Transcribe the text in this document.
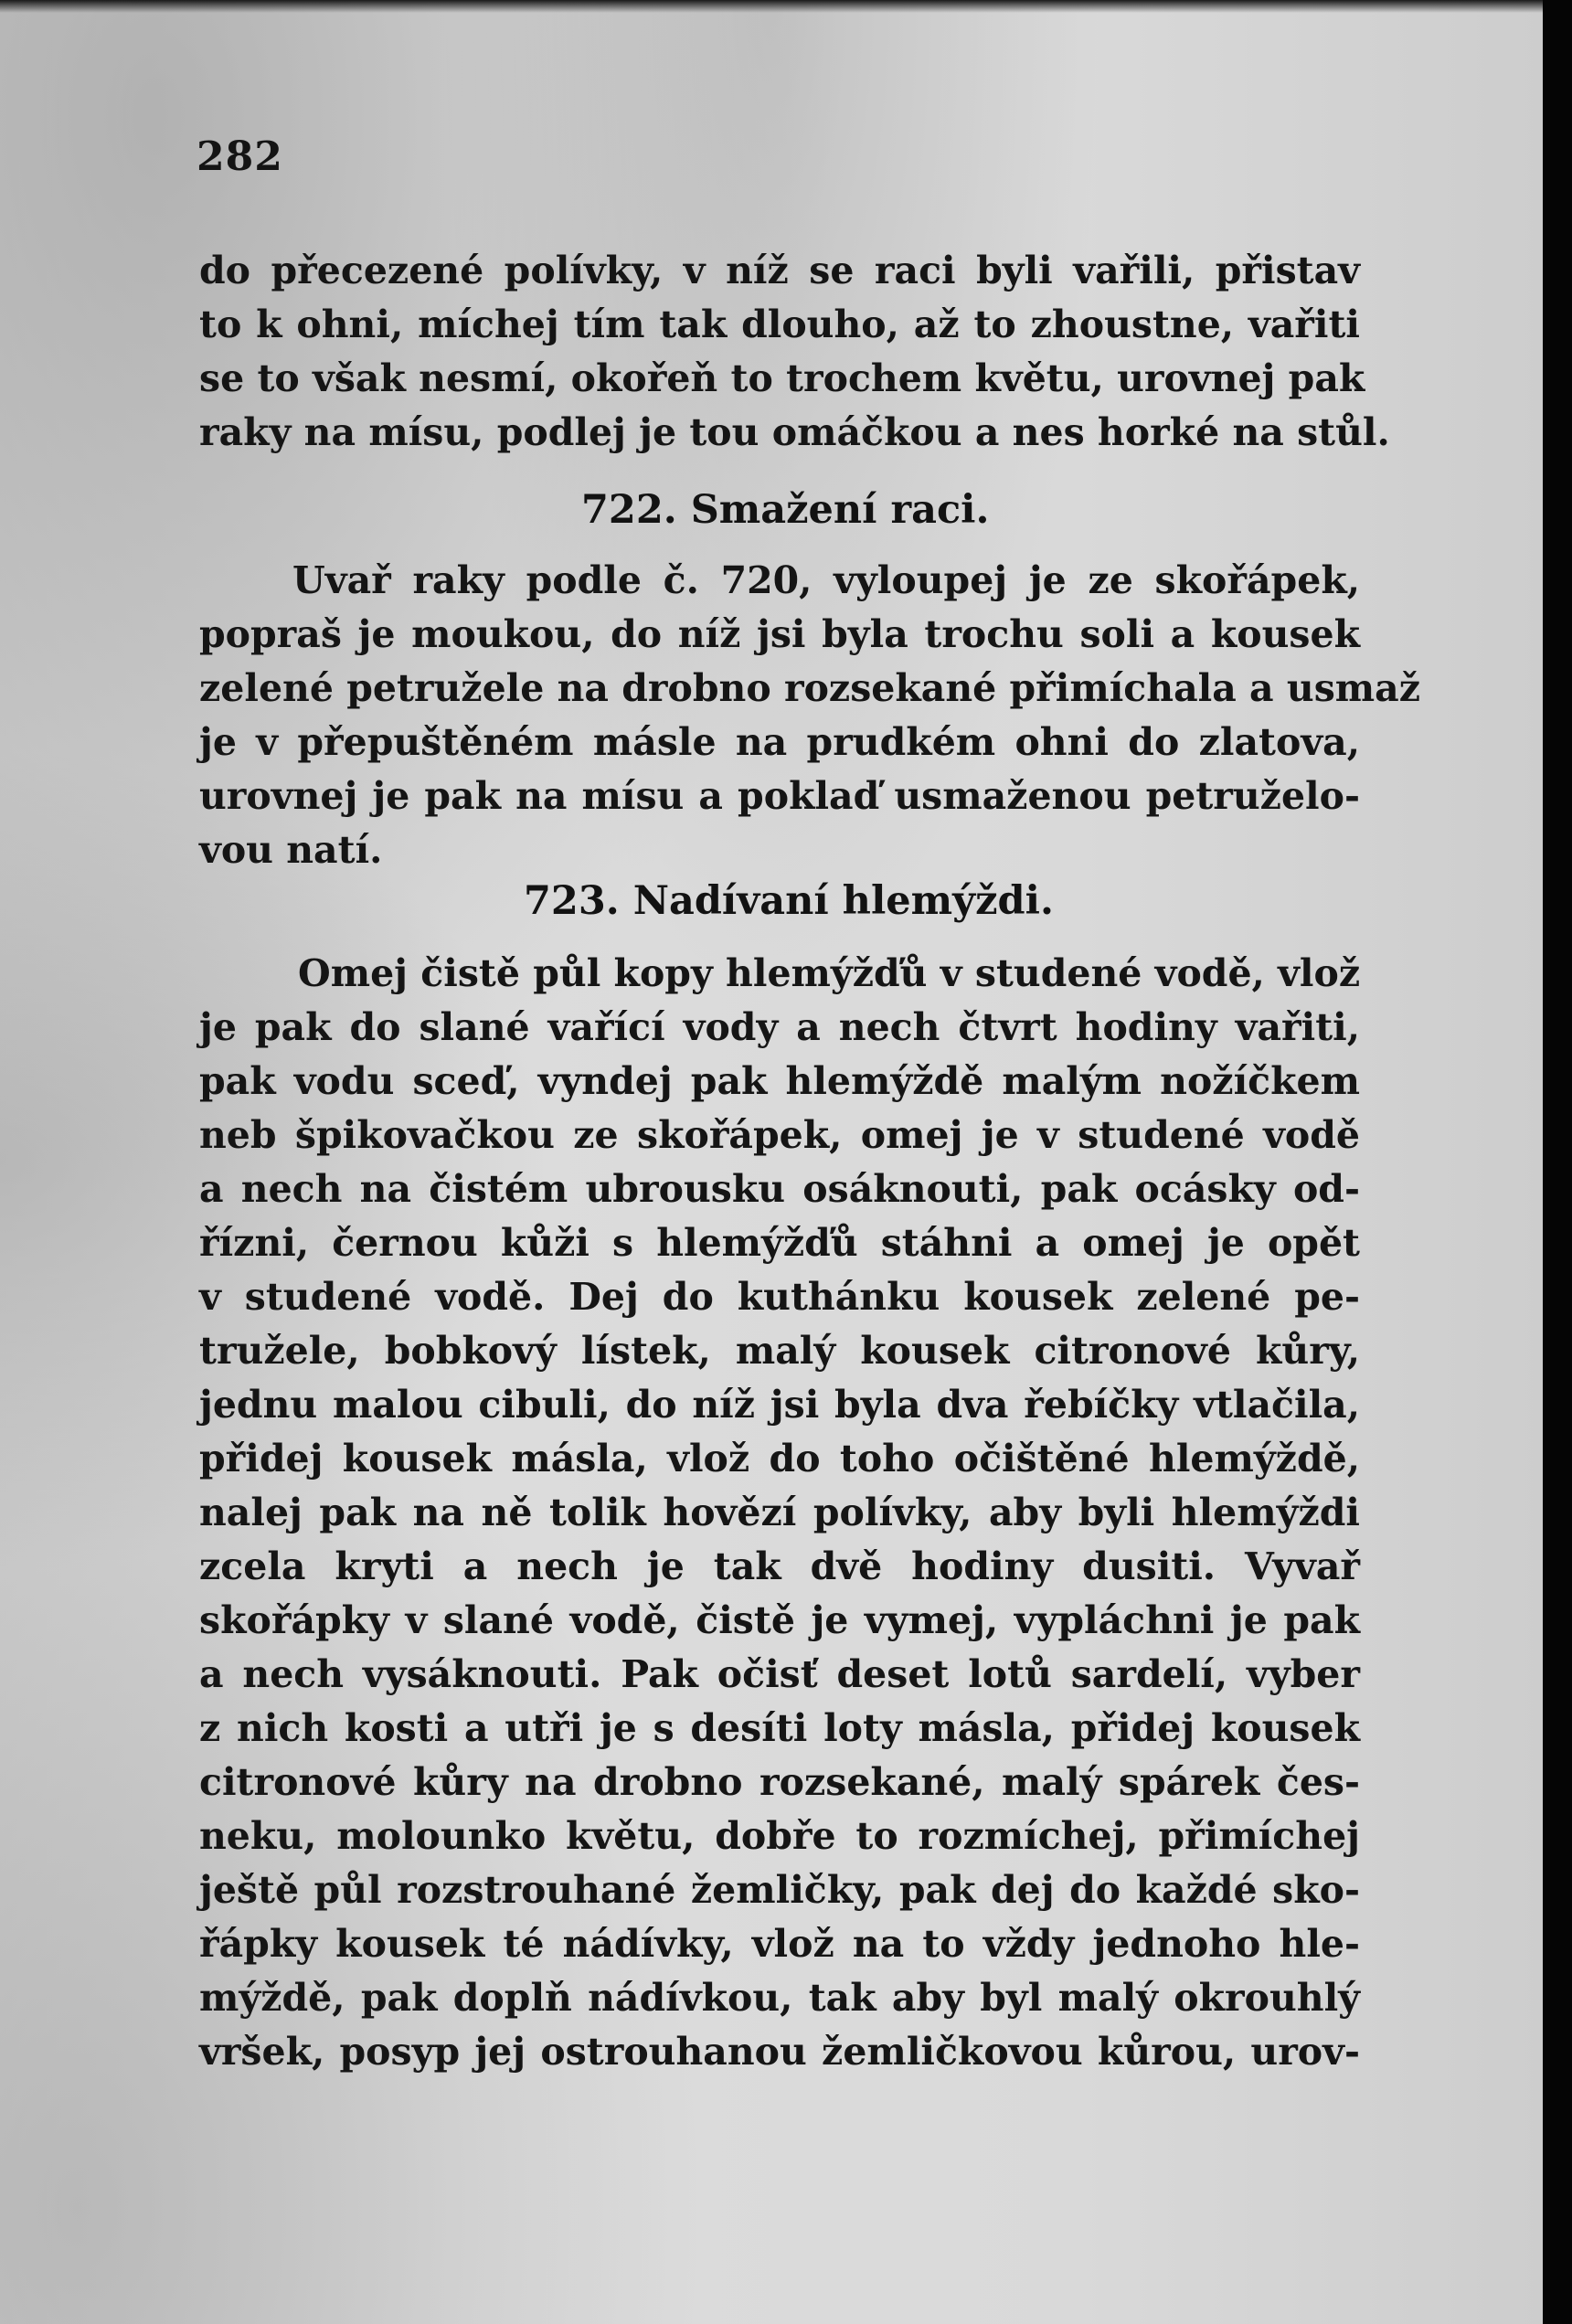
282
do přecezené polívky, v níž se raci byli vařili, přistav
to k ohni, míchej tím tak dlouho, až to zhoustne, vařiti
se to však nesmí, okořeň to trochem květu, urovnej pak
raky na mísu, podlej je tou omáčkou a nes horké na stůl.
722. Smažení raci.
Uvař raky podle č. 720, vyloupej je ze skořápek,
popraš je moukou, do níž jsi byla trochu soli a kousek
zelené petružele na drobno rozsekané přimíchala a usmaž
je v přepuštěném másle na prudkém ohni do zlatova,
urovnej je pak na mísu a poklaď usmaženou petruželo-
vou natí.
723. Nadívaní hlemýždi.
Omej čistě půl kopy hlemýžďů v studené vodě, vlož
je pak do slané vařící vody a nech čtvrt hodiny vařiti,
pak vodu sceď, vyndej pak hlemýždě malým nožíčkem
neb špikovačkou ze skořápek, omej je v studené vodě
a nech na čistém ubrousku osáknouti, pak ocásky od-
řízni, černou kůži s hlemýžďů stáhni a omej je opět
v studené vodě. Dej do kuthánku kousek zelené pe-
tružele, bobkový lístek, malý kousek citronové kůry,
jednu malou cibuli, do níž jsi byla dva řebíčky vtlačila,
přidej kousek másla, vlož do toho očištěné hlemýždě,
nalej pak na ně tolik hovězí polívky, aby byli hlemýždi
zcela kryti a nech je tak dvě hodiny dusiti. Vyvař
skořápky v slané vodě, čistě je vymej, vypláchni je pak
a nech vysáknouti. Pak očisť deset lotů sardelí, vyber
z nich kosti a utři je s desíti loty másla, přidej kousek
citronové kůry na drobno rozsekané, malý spárek čes-
neku, molounko květu, dobře to rozmíchej, přimíchej
ještě půl rozstrouhané žemličky, pak dej do každé sko-
řápky kousek té nádívky, vlož na to vždy jednoho hle-
mýždě, pak doplň nádívkou, tak aby byl malý okrouhlý
vršek, posyp jej ostrouhanou žemličkovou kůrou, urov-
